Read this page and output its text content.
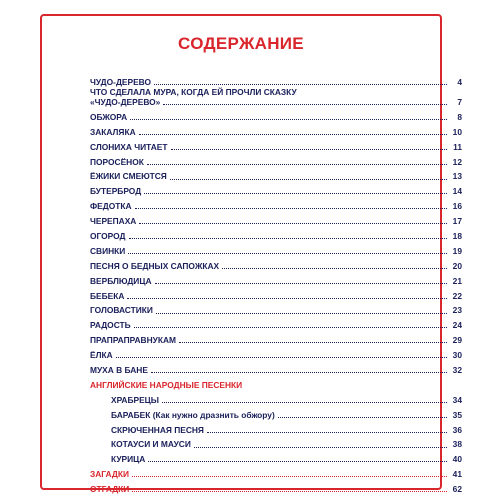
СОДЕРЖАНИЕ
ЧУДО-ДЕРЕВО	4
ЧТО СДЕЛАЛА МУРА, КОГДА ЕЙ ПРОЧЛИ СКАЗКУ
«ЧУДО-ДЕРЕВО»	7
ОБЖОРА	8
ЗАКАЛЯКА	10
СЛОНИХА ЧИТАЕТ	11
ПОРОСЁНОК	12
ЁЖИКИ СМЕЮТСЯ	13
БУТЕРБРОД	14
ФЕДОТКА	16
ЧЕРЕПАХА	17
ОГОРОД	18
СВИНКИ	19
ПЕСНЯ О БЕДНЫХ САПОЖКАХ	20
ВЕРБЛЮДИЦА	21
БЕБЕКА	22
ГОЛОВАСТИКИ	23
РАДОСТЬ	24
ПРАПРАПРАВНУКАМ	29
ЁЛКА	30
МУХА В БАНЕ	32
АНГЛИЙСКИЕ НАРОДНЫЕ ПЕСЕНКИ
ХРАБРЕЦЫ	34
БАРАБЕК (Как нужно дразнить обжору)	35
СКРЮЧЕННАЯ ПЕСНЯ	36
КОТАУСИ И МАУСИ	38
КУРИЦА	40
ЗАГАДКИ	41
ОТГАДКИ	62
